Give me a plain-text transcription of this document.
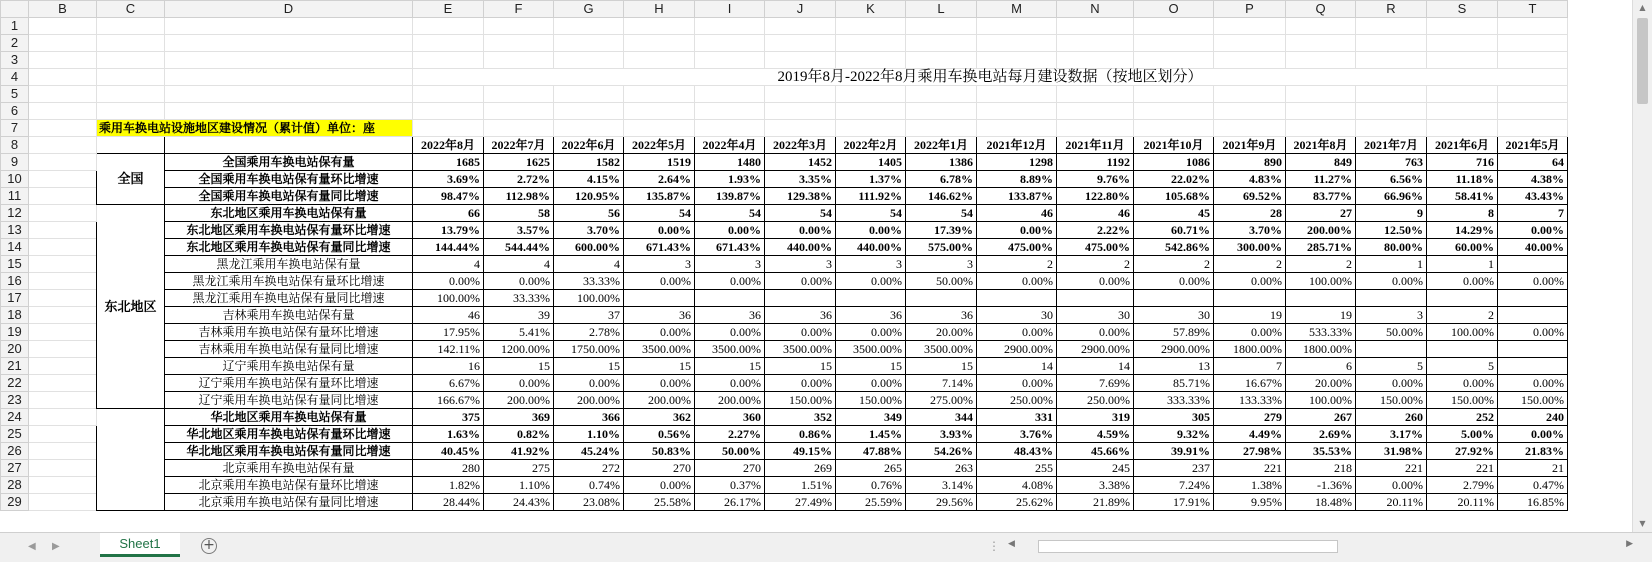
	B	C	D	E	F	G	H	I	J	K	L	M	N	O	P	Q	R	S	T
1																			
2																			
3																			
4				2019年8月-2022年8月乘用车换电站每月建设数据（按地区划分）															
5																			
6																			
7		乘用车换电站设施地区建设情况（累计值）单位：座																	
8				2022年8月	2022年7月	2022年6月	2022年5月	2022年4月	2022年3月	2022年2月	2022年1月	2021年12月	2021年11月	2021年10月	2021年9月	2021年8月	2021年7月	2021年6月	2021年5月
9		全国	全国乘用车换电站保有量	1685	1625	1582	1519	1480	1452	1405	1386	1298	1192	1086	890	849	763	716	64
10			全国乘用车换电站保有量环比增速	3.69%	2.72%	4.15%	2.64%	1.93%	3.35%	1.37%	6.78%	8.89%	9.76%	22.02%	4.83%	11.27%	6.56%	11.18%	4.38%
11			全国乘用车换电站保有量同比增速	98.47%	112.98%	120.95%	135.87%	139.87%	129.38%	111.92%	146.62%	133.87%	122.80%	105.68%	69.52%	83.77%	66.96%	58.41%	43.43%
12		东北地区	东北地区乘用车换电站保有量	66	58	56	54	54	54	54	54	46	46	45	28	27	9	8	7
13			东北地区乘用车换电站保有量环比增速	13.79%	3.57%	3.70%	0.00%	0.00%	0.00%	0.00%	17.39%	0.00%	2.22%	60.71%	3.70%	200.00%	12.50%	14.29%	0.00%
14			东北地区乘用车换电站保有量同比增速	144.44%	544.44%	600.00%	671.43%	671.43%	440.00%	440.00%	575.00%	475.00%	475.00%	542.86%	300.00%	285.71%	80.00%	60.00%	40.00%
15			黑龙江乘用车换电站保有量	4	4	4	3	3	3	3	3	2	2	2	2	2	1	1	
16			黑龙江乘用车换电站保有量环比增速	0.00%	0.00%	33.33%	0.00%	0.00%	0.00%	0.00%	50.00%	0.00%	0.00%	0.00%	0.00%	100.00%	0.00%	0.00%	0.00%
17			黑龙江乘用车换电站保有量同比增速	100.00%	33.33%	100.00%													
18			吉林乘用车换电站保有量	46	39	37	36	36	36	36	36	30	30	30	19	19	3	2	
19			吉林乘用车换电站保有量环比增速	17.95%	5.41%	2.78%	0.00%	0.00%	0.00%	0.00%	20.00%	0.00%	0.00%	57.89%	0.00%	533.33%	50.00%	100.00%	0.00%
20			吉林乘用车换电站保有量同比增速	142.11%	1200.00%	1750.00%	3500.00%	3500.00%	3500.00%	3500.00%	3500.00%	2900.00%	2900.00%	2900.00%	1800.00%	1800.00%			
21			辽宁乘用车换电站保有量	16	15	15	15	15	15	15	15	14	14	13	7	6	5	5	
22			辽宁乘用车换电站保有量环比增速	6.67%	0.00%	0.00%	0.00%	0.00%	0.00%	0.00%	7.14%	0.00%	7.69%	85.71%	16.67%	20.00%	0.00%	0.00%	0.00%
23			辽宁乘用车换电站保有量同比增速	166.67%	200.00%	200.00%	200.00%	200.00%	150.00%	150.00%	275.00%	250.00%	250.00%	333.33%	133.33%	100.00%	150.00%	150.00%	150.00%
24			华北地区乘用车换电站保有量	375	369	366	362	360	352	349	344	331	319	305	279	267	260	252	240
25			华北地区乘用车换电站保有量环比增速	1.63%	0.82%	1.10%	0.56%	2.27%	0.86%	1.45%	3.93%	3.76%	4.59%	9.32%	4.49%	2.69%	3.17%	5.00%	0.00%
26			华北地区乘用车换电站保有量同比增速	40.45%	41.92%	45.24%	50.83%	50.00%	49.15%	47.88%	54.26%	48.43%	45.66%	39.91%	27.98%	35.53%	31.98%	27.92%	21.83%
27			北京乘用车换电站保有量	280	275	272	270	270	269	265	263	255	245	237	221	218	221	221	21
28			北京乘用车换电站保有量环比增速	1.82%	1.10%	0.74%	0.00%	0.37%	1.51%	0.76%	3.14%	4.08%	3.38%	7.24%	1.38%	-1.36%	0.00%	2.79%	0.47%
29			北京乘用车换电站保有量同比增速	28.44%	24.43%	23.08%	25.58%	26.17%	27.49%	25.59%	29.56%	25.62%	21.89%	17.91%	9.95%	18.48%	20.11%	20.11%	16.85%
▲
▼
◀ ▶	Sheet1	+	⋮ ◀	▶
